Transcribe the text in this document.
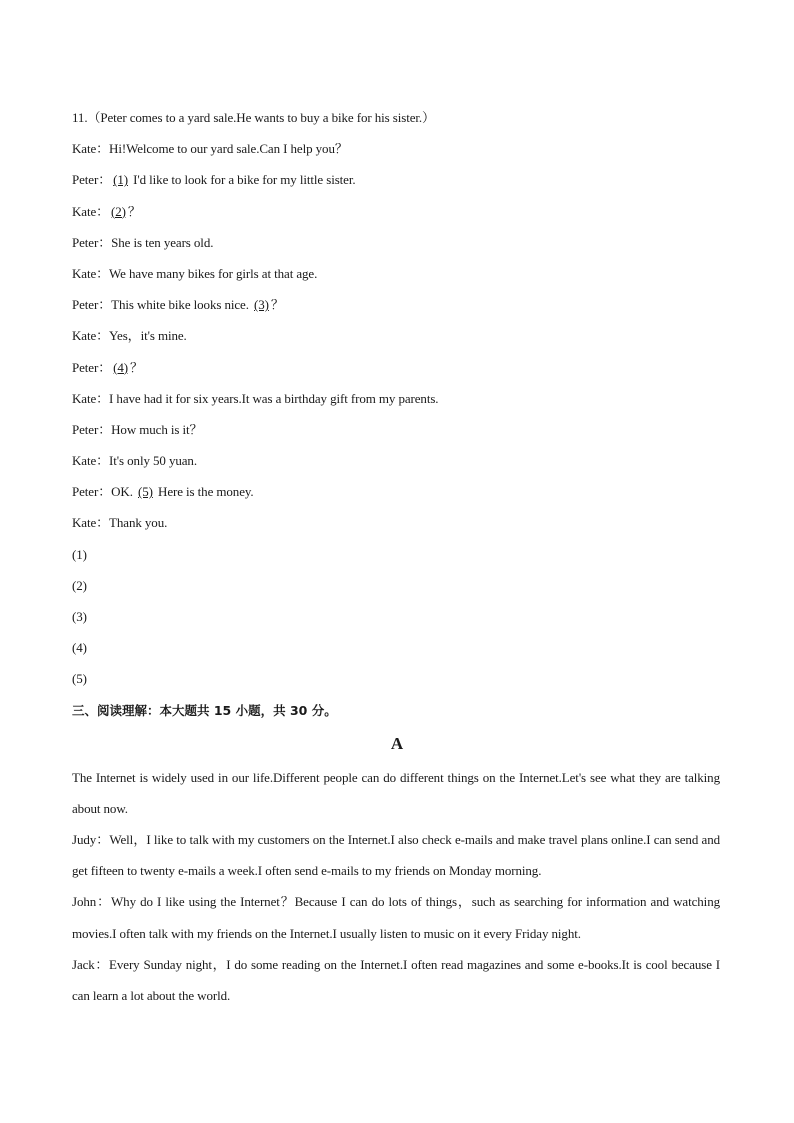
11.（Peter comes to a yard sale.He wants to buy a bike for his sister.）
Kate：Hi!Welcome to our yard sale.Can I help you？
Peter： (1) I'd like to look for a bike for my little sister.
Kate： (2) ？
Peter：She is ten years old.
Kate：We have many bikes for girls at that age.
Peter：This white bike looks nice. (3) ？
Kate：Yes，it's mine.
Peter： (4) ？
Kate：I have had it for six years.It was a birthday gift from my parents.
Peter：How much is it？
Kate：It's only 50 yuan.
Peter：OK. (5) Here is the money.
Kate：Thank you.
(1)
(2)
(3)
(4)
(5)
三、阅读理解：本大题共 15 小题，共 30 分。
A
The Internet is widely used in our life.Different people can do different things on the Internet.Let's see what they are talking about now.
Judy：Well，I like to talk with my customers on the Internet.I also check e-mails and make travel plans online.I can send and get fifteen to twenty e-mails a week.I often send e-mails to my friends on Monday morning.
John：Why do I like using the Internet？Because I can do lots of things，such as searching for information and watching movies.I often talk with my friends on the Internet.I usually listen to music on it every Friday night.
Jack：Every Sunday night，I do some reading on the Internet.I often read magazines and some e-books.It is cool because I can learn a lot about the world.
